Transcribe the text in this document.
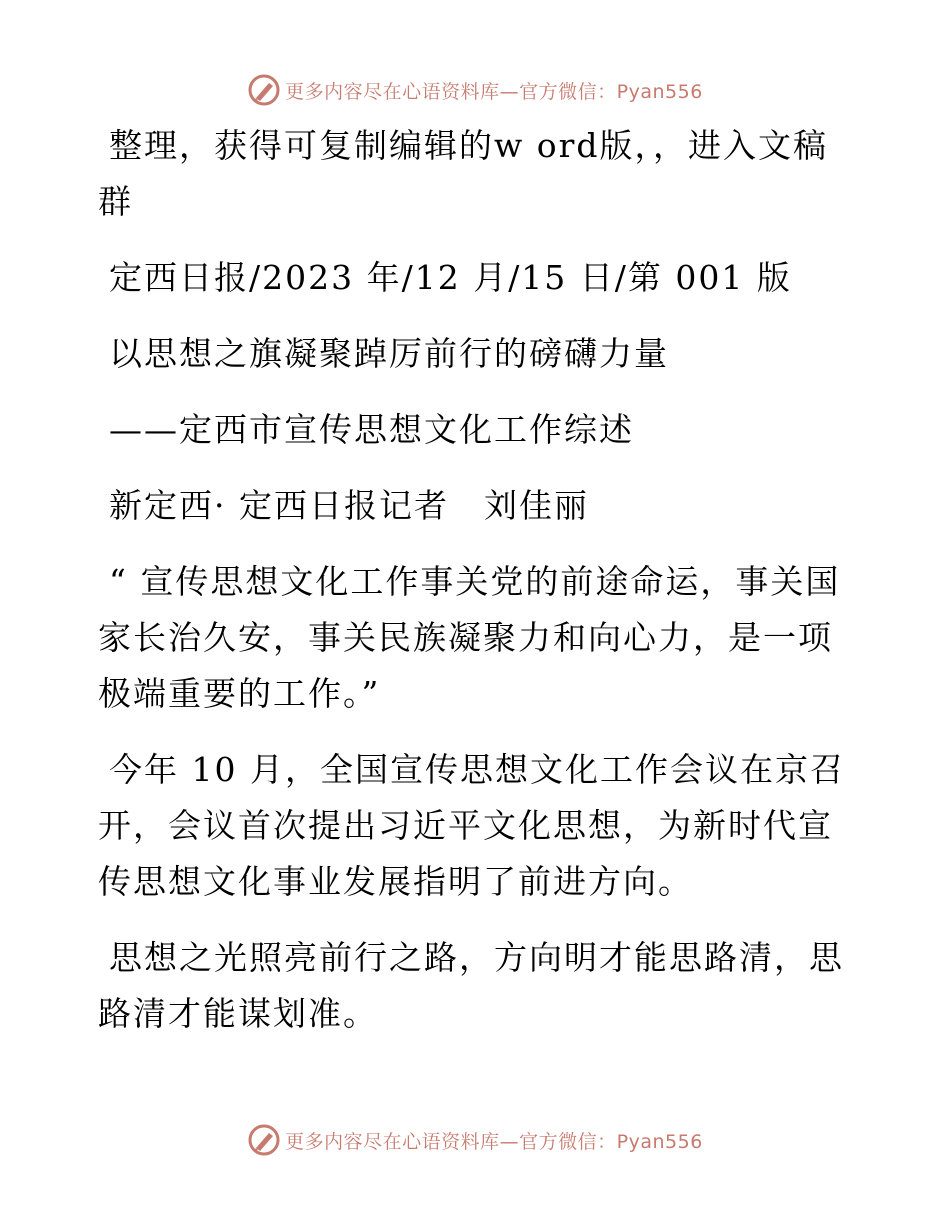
更多内容尽在心语资料库—官方微信：Pyan556

整理，获得可复制编辑的w ord版，，进入文稿群

定西日报/2023 年/12 月/15 日/第 001 版

以思想之旗凝聚踔厉前行的磅礴力量

——定西市宣传思想文化工作综述

新定西· 定西日报记者　刘佳丽

“ 宣传思想文化工作事关党的前途命运，事关国家长治久安，事关民族凝聚力和向心力，是一项极端重要的工作。”

今年 10 月，全国宣传思想文化工作会议在京召开，会议首次提出习近平文化思想，为新时代宣传思想文化事业发展指明了前进方向。

思想之光照亮前行之路，方向明才能思路清，思路清才能谋划准。

更多内容尽在心语资料库—官方微信：Pyan556
